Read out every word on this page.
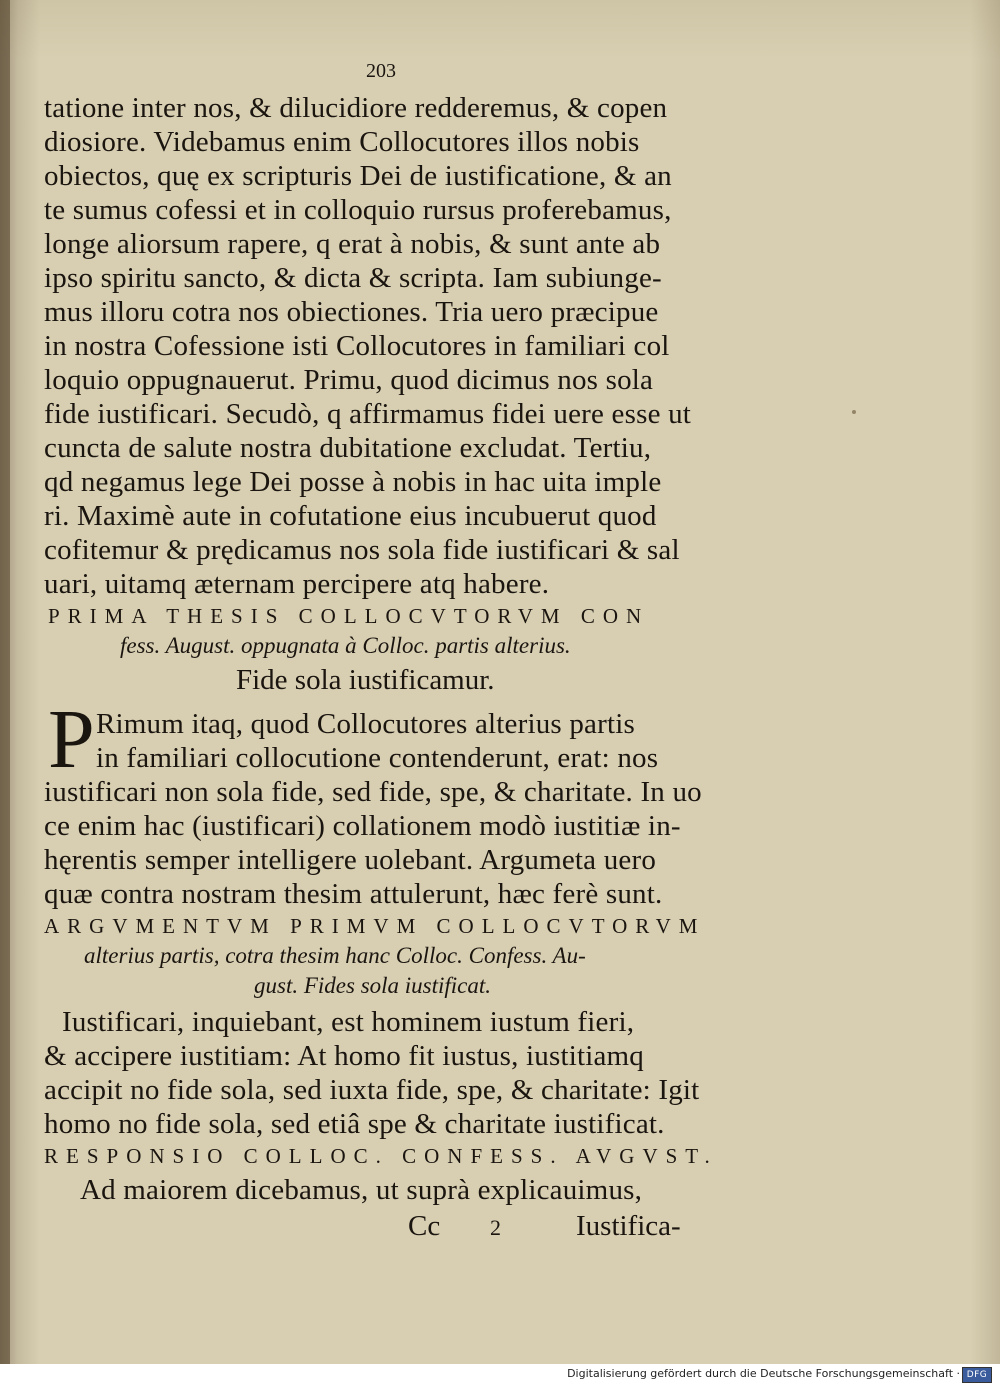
203
tatione inter nos, & dilucidiore redderemus, & copen
diosiore. Videbamus enim Collocutores illos nobis
obiectos, quę ex scripturis Dei de iustificatione, & an
te sumus cofessi et in colloquio rursus proferebamus,
longe aliorsum rapere, q erat à nobis, & sunt ante ab
ipso spiritu sancto, & dicta & scripta. Iam subiunge-
mus illoru cotra nos obiectiones. Tria uero præcipue
in nostra Cofessione isti Collocutores in familiari col
loquio oppugnauerut. Primu, quod dicimus nos sola
fide iustificari. Secudò, q affirmamus fidei uere esse ut
cuncta de salute nostra dubitatione excludat. Tertiu,
qd negamus lege Dei posse à nobis in hac uita imple
ri. Maximè aute in cofutatione eius incubuerut quod
cofitemur & prędicamus nos sola fide iustificari & sal
uari, uitamq æternam percipere atq habere.
PRIMA THESIS COLLOCVTORVM CON
fess. August. oppugnata à Colloc. partis alterius.
Fide sola iustificamur.
P Rimum itaq, quod Collocutores alterius partis
in familiari collocutione contenderunt, erat: nos
iustificari non sola fide, sed fide, spe, & charitate. In uo
ce enim hac (iustificari) collationem modò iustitiæ in-
hęrentis semper intelligere uolebant. Argumeta uero
quæ contra nostram thesim attulerunt, hæc ferè sunt.
ARGVMENTVM PRIMVM COLLOCVTORVM
alterius partis, cotra thesim hanc Colloc. Confess. Au-
gust. Fides sola iustificat.
Iustificari, inquiebant, est hominem iustum fieri,
& accipere iustitiam: At homo fit iustus, iustitiamq
accipit no fide sola, sed iuxta fide, spe, & charitate: Igit
homo no fide sola, sed etiâ spe & charitate iustificat.
RESPONSIO COLLOC. CONFESS. AVGVST.
Ad maiorem dicebamus, ut suprà explicauimus,
Cc 2	Iustifica-
Digitalisierung gefördert durch die Deutsche Forschungsgemeinschaft · DFG
